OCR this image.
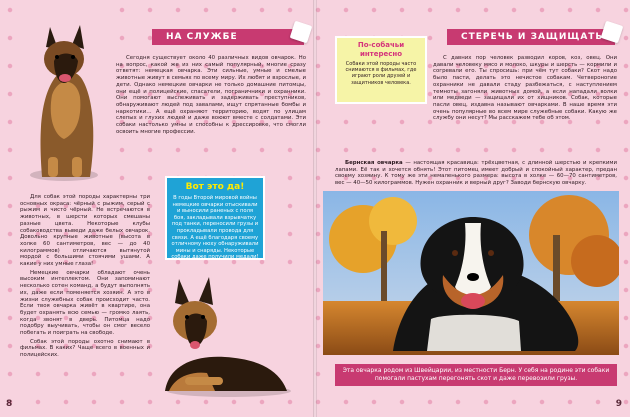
НА СЛУЖБЕ

Сегодня существует около 40 различных видов овчарок. Но на вопрос, какой же из них самый популярный, многие сразу ответят: немецкая овчарка. Эти сильные, умные и смелые животные живут в семьях по всему миру. Их любят и взрослые, и дети. Однако немецкие овчарки не только домашние питомцы, они ещё и полицейские, спасатели, пограничники и охранники. Они помогают выслеживать и задерживать преступников, обнаруживают людей под завалами, ищут спрятанные бомбы и наркотики… А ещё охраняют территорию, водят по улицам слепых и глухих людей и даже воюют вместе с солдатами. Эти собаки настолько умны и способны к дрессировке, что смогли освоить многие профессии.

Для собак этой породы характерны три основных окраса: чёрный с рыжим, серый с рыжим и чисто чёрный. Не встречаются в животных, в шерсти которых смешаны разные цвета. Некоторые клубы собаководства выведи даже белых овчарок. Довольно крупные животные (высота в холке 60 сантиметров, вес — до 40 килограммов) отличаются вытянутой мордой с большими стоячими ушами. А какие у них умные глаза!

Немецкие овчарки обладают очень высоким интеллектом. Они запоминают несколько сотен команд, а будут выполнять их, даже если поменяется хозяин. А это в жизни служебных собак происходит часто. Если твоя овчарка живёт в квартире, она будет охранять всю семью — громко лаять, когда звонят в дверь. Питомца надо подобру выучивать, чтобы он смог весело побегать и поиграть на свободе.

Собак этой породы охотно снимают в фильмах. В каких? Чаще всего в военных и полицейских.

Вот это да!
В годы Второй мировой войны немецкие овчарки отыскивали и выносили раненых с поля боя, закладывали взрывчатку под танки, переносили грузы и прокладывали провода для связи. А ещё благодаря своему отличному нюху обнаруживали мины и снаряды. Некоторые собаки даже получили медали!
8
По-собачьи интересно
Собаки этой породы часто снимаются в фильмах, где играют роли друзей и защитников человека.
СТЕРЕЧЬ И ЗАЩИЩАТЬ

С давних пор человек разводил коров, коз, овец. Они давали человеку мясо и молоко, шкуры и шерсть — кормили и согревали его. Ты спросишь: при чём тут собаки? Скот надо было пасти, делать это нечистое собакам. Четвероногие охранники не давали стаду разбежаться, с наступлением темноты загоняли животных домой, а если нападали волки или медведи — защищали их от хищников. Собак, которые пасли овец, издавна называют овчарками. В наше время эти очень популярные во всем мире служебные собаки. Какую же службу они несут? Мы расскажем тебе об этом.

Бернская овчарка — настоящая красавица: трёхцветная, с длинной шерстью и крепкими лапами. Её так и хочется обнять! Этот питомец имеет добрый и спокойный характер, предан своему хозяину. К тому же эти немаленького размера: высота в холке — 60—70 сантиметров, вес — 40—50 килограммов. Нужен охранник и верный друг? Заводи бернскую овчарку.

Эта овчарка родом из Швейцарии, из местности Берн. У себя на родине эти собаки помогали пастухам перегонять скот и даже перевозили грузы.
9
